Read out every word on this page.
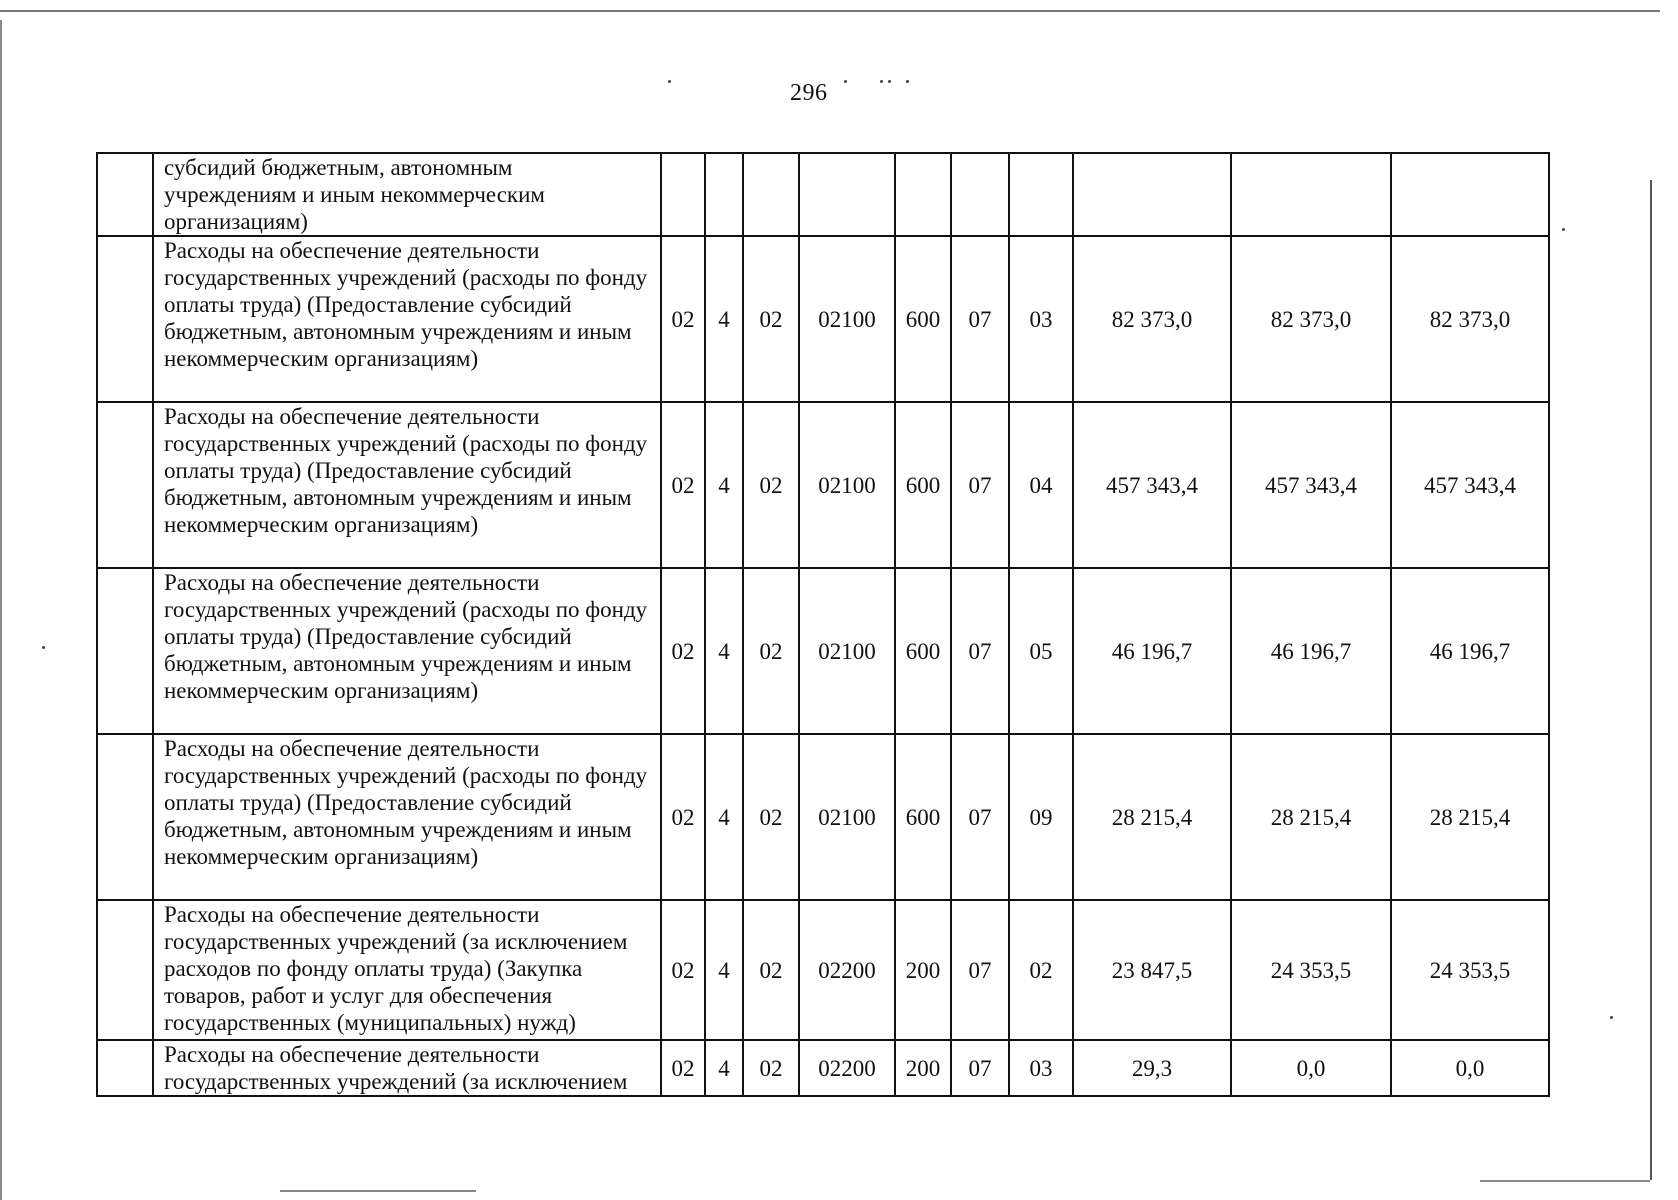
296
	субсидий бюджетным, автономным учреждениям и иным некоммерческим организациям)										
	Расходы на обеспечение деятельности государственных учреждений (расходы по фонду оплаты труда) (Предоставление субсидий бюджетным, автономным учреждениям и иным некоммерческим организациям)	02	4	02	02100	600	07	03	82 373,0	82 373,0	82 373,0
	Расходы на обеспечение деятельности государственных учреждений (расходы по фонду оплаты труда) (Предоставление субсидий бюджетным, автономным учреждениям и иным некоммерческим организациям)	02	4	02	02100	600	07	04	457 343,4	457 343,4	457 343,4
	Расходы на обеспечение деятельности государственных учреждений (расходы по фонду оплаты труда) (Предоставление субсидий бюджетным, автономным учреждениям и иным некоммерческим организациям)	02	4	02	02100	600	07	05	46 196,7	46 196,7	46 196,7
	Расходы на обеспечение деятельности государственных учреждений (расходы по фонду оплаты труда) (Предоставление субсидий бюджетным, автономным учреждениям и иным некоммерческим организациям)	02	4	02	02100	600	07	09	28 215,4	28 215,4	28 215,4
	Расходы на обеспечение деятельности государственных учреждений (за исключением расходов по фонду оплаты труда) (Закупка товаров, работ и услуг для обеспечения государственных (муниципальных) нужд)	02	4	02	02200	200	07	02	23 847,5	24 353,5	24 353,5
	Расходы на обеспечение деятельности государственных учреждений (за исключением	02	4	02	02200	200	07	03	29,3	0,0	0,0
